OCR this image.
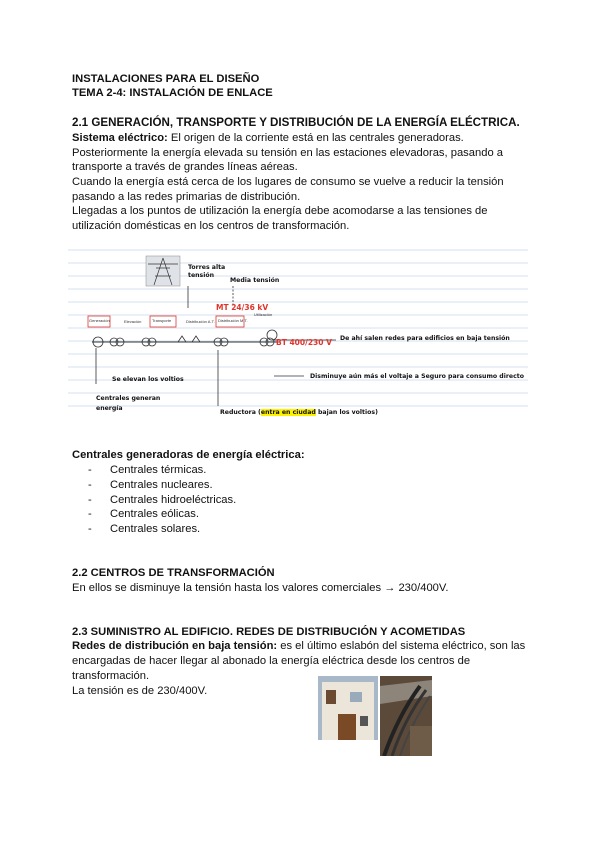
INSTALACIONES PARA EL DISEÑO
TEMA 2-4: INSTALACIÓN DE ENLACE
2.1 GENERACIÓN, TRANSPORTE Y DISTRIBUCIÓN DE LA ENERGÍA ELÉCTRICA.
Sistema eléctrico: El origen de la corriente está en las centrales generadoras.
Posteriormente la energía elevada su tensión en las estaciones elevadoras, pasando a
transporte a través de grandes líneas aéreas.
Cuando la energía está cerca de los lugares de consumo se vuelve a reducir la tensión
pasando a las redes primarias de distribución.
Llegadas a los puntos de utilización la energía debe acomodarse a las tensiones de
utilización domésticas en los centros de transformación.
Torres alta tensión
Media tensión
MT 24/36 kV
BT 400/230 V De ahí salen redes para edificios en baja tensión
Se elevan los voltios	Disminuye aún más el voltaje a Seguro para consumo directo
Centrales generan energía
Reductora (entra en ciudad bajan los voltios)
Generación	Elevación	Transporte	Distribución A.T. Distribución M.T.
Utilización
Centrales generadoras de energía eléctrica:
- Centrales térmicas.
- Centrales nucleares.
- Centrales hidroeléctricas.
- Centrales eólicas.
- Centrales solares.
2.2 CENTROS DE TRANSFORMACIÓN
En ellos se disminuye la tensión hasta los valores comerciales → 230/400V.
2.3 SUMINISTRO AL EDIFICIO. REDES DE DISTRIBUCIÓN Y ACOMETIDAS
Redes de distribución en baja tensión: es el último eslabón del sistema eléctrico, son las
encargadas de hacer llegar al abonado la energía eléctrica desde los centros de
transformación.
La tensión es de 230/400V.
